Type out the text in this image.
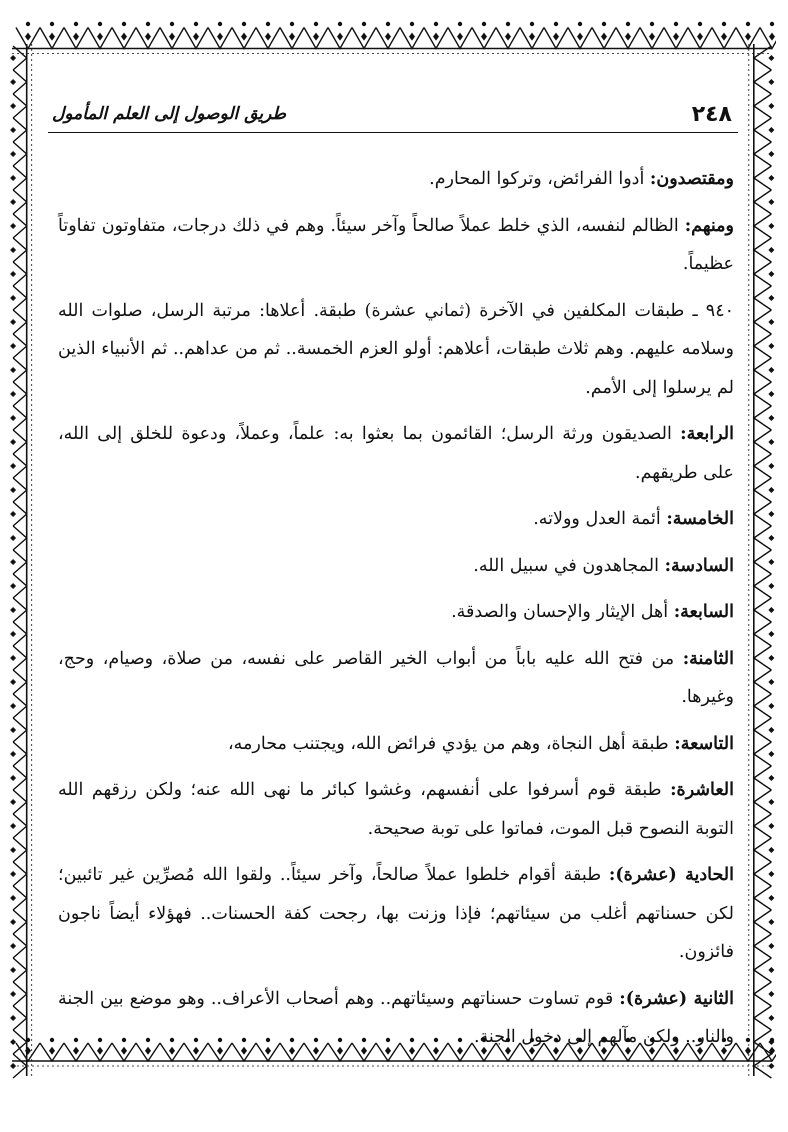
٢٤٨
طريق الوصول إلى العلم المأمول

ومقتصدون: أدوا الفرائض، وتركوا المحارم.

ومنهم: الظالم لنفسه، الذي خلط عملاً صالحاً وآخر سيئاً. وهم في ذلك درجات، متفاوتون تفاوتاً عظيماً.

٩٤٠ ـ طبقات المكلفين في الآخرة (ثماني عشرة) طبقة. أعلاها: مرتبة الرسل، صلوات الله وسلامه عليهم. وهم ثلاث طبقات، أعلاهم: أولو العزم الخمسة.. ثم من عداهم.. ثم الأنبياء الذين لم يرسلوا إلى الأمم.

الرابعة: الصديقون ورثة الرسل؛ القائمون بما بعثوا به: علماً، وعملاً، ودعوة للخلق إلى الله، على طريقهم.

الخامسة: أئمة العدل وولاته.

السادسة: المجاهدون في سبيل الله.

السابعة: أهل الإيثار والإحسان والصدقة.

الثامنة: من فتح الله عليه باباً من أبواب الخير القاصر على نفسه، من صلاة، وصيام، وحج، وغيرها.

التاسعة: طبقة أهل النجاة، وهم من يؤدي فرائض الله، ويجتنب محارمه،

العاشرة: طبقة قوم أسرفوا على أنفسهم، وغشوا كبائر ما نهى الله عنه؛ ولكن رزقهم الله التوبة النصوح قبل الموت، فماتوا على توبة صحيحة.

الحادية (عشرة): طبقة أقوام خلطوا عملاً صالحاً، وآخر سيئاً.. ولقوا الله مُصرِّين غير تائبين؛ لكن حسناتهم أغلب من سيئاتهم؛ فإذا وزنت بها، رجحت كفة الحسنات.. فهؤلاء أيضاً ناجون فائزون.

الثانية (عشرة): قوم تساوت حسناتهم وسيئاتهم.. وهم أصحاب الأعراف.. وهو موضع بين الجنة والنار.. ولكن مآلهم إلى دخول الجنة.
